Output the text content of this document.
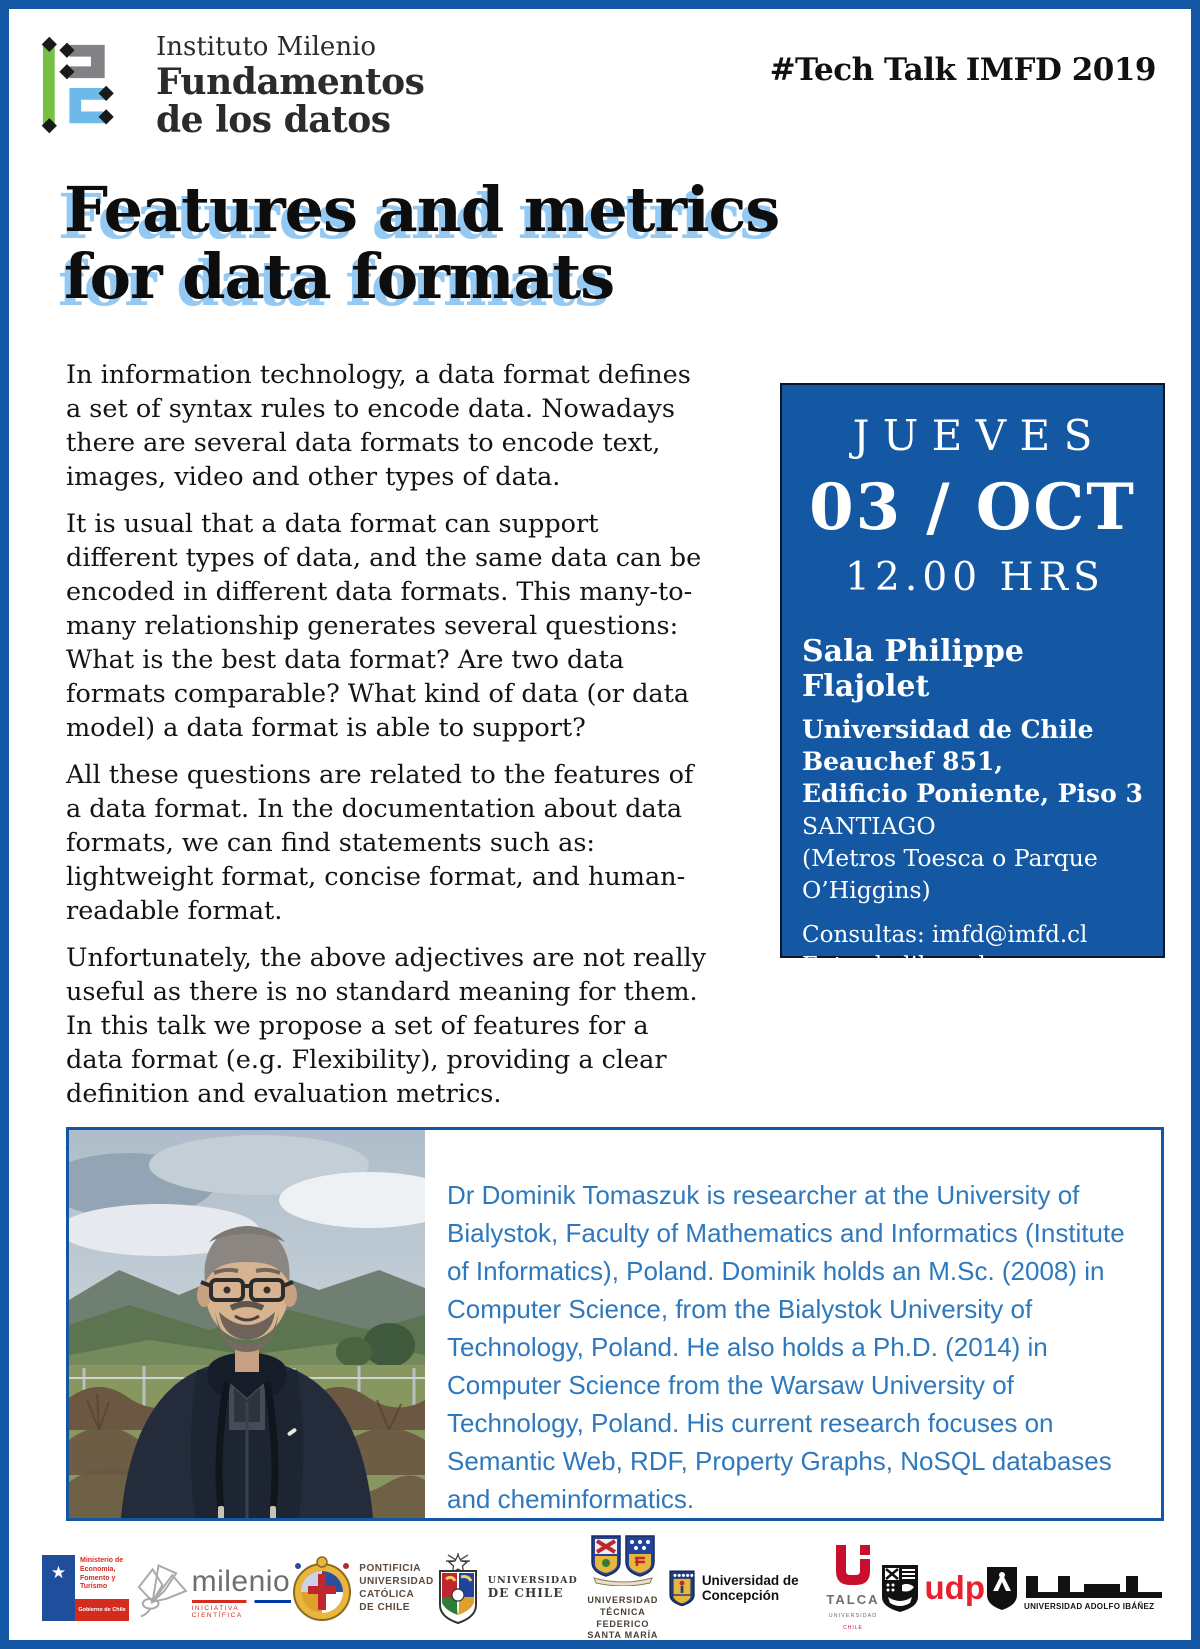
Instituto Milenio
Fundamentos
de los datos
#Tech Talk IMFD 2019
Features and metrics
for data formats

In information technology, a data format defines a set of syntax rules to encode data. Nowadays there are several data formats to encode text, images, video and other types of data.

It is usual that a data format can support different types of data, and the same data can be encoded in different data formats. This many-to-many relationship generates several questions: What is the best data format? Are two data formats comparable? What kind of data (or data model) a data format is able to support?

All these questions are related to the features of a data format. In the documentation about data formats, we can find statements such as: lightweight format, concise format, and human-readable format.

Unfortunately, the above adjectives are not really useful as there is no standard meaning for them. In this talk we propose a set of features for a data format (e.g. Flexibility), providing a clear definition and evaluation metrics.

JUEVES
03 / OCT
12.00 HRS
Sala Philippe Flajolet
Universidad de Chile
Beauchef 851,
Edificio Poniente, Piso 3
SANTIAGO
(Metros Toesca o Parque O’Higgins)
Consultas: imfd@imfd.cl
Entrada liberada.
No requiere inscripción.
Dr Dominik Tomaszuk is researcher at the University of Bialystok, Faculty of Mathematics and Informatics (Institute of Informatics), Poland. Dominik holds an M.Sc. (2008) in Computer Science, from the Bialystok University of Technology, Poland. He also holds a Ph.D. (2014) in Computer Science from the Warsaw University of Technology, Poland. His current research focuses on Semantic Web, RDF, Property Graphs, NoSQL databases and cheminformatics.
★
Ministerio de Economía, Fomento y Turismo
Gobierno de Chile
milenio
INICIATIVA CIENTÍFICA
PONTIFICIA
UNIVERSIDAD
CATÓLICA
DE CHILE
UNIVERSIDAD
DE CHILE	UNIVERSIDAD TÉCNICA
FEDERICO SANTA MARÍA
Universidad de Concepción	TALCA
UNIVERSIDAD
CHILE
udp
UNIVERSIDAD ADOLFO IBÁÑEZ
